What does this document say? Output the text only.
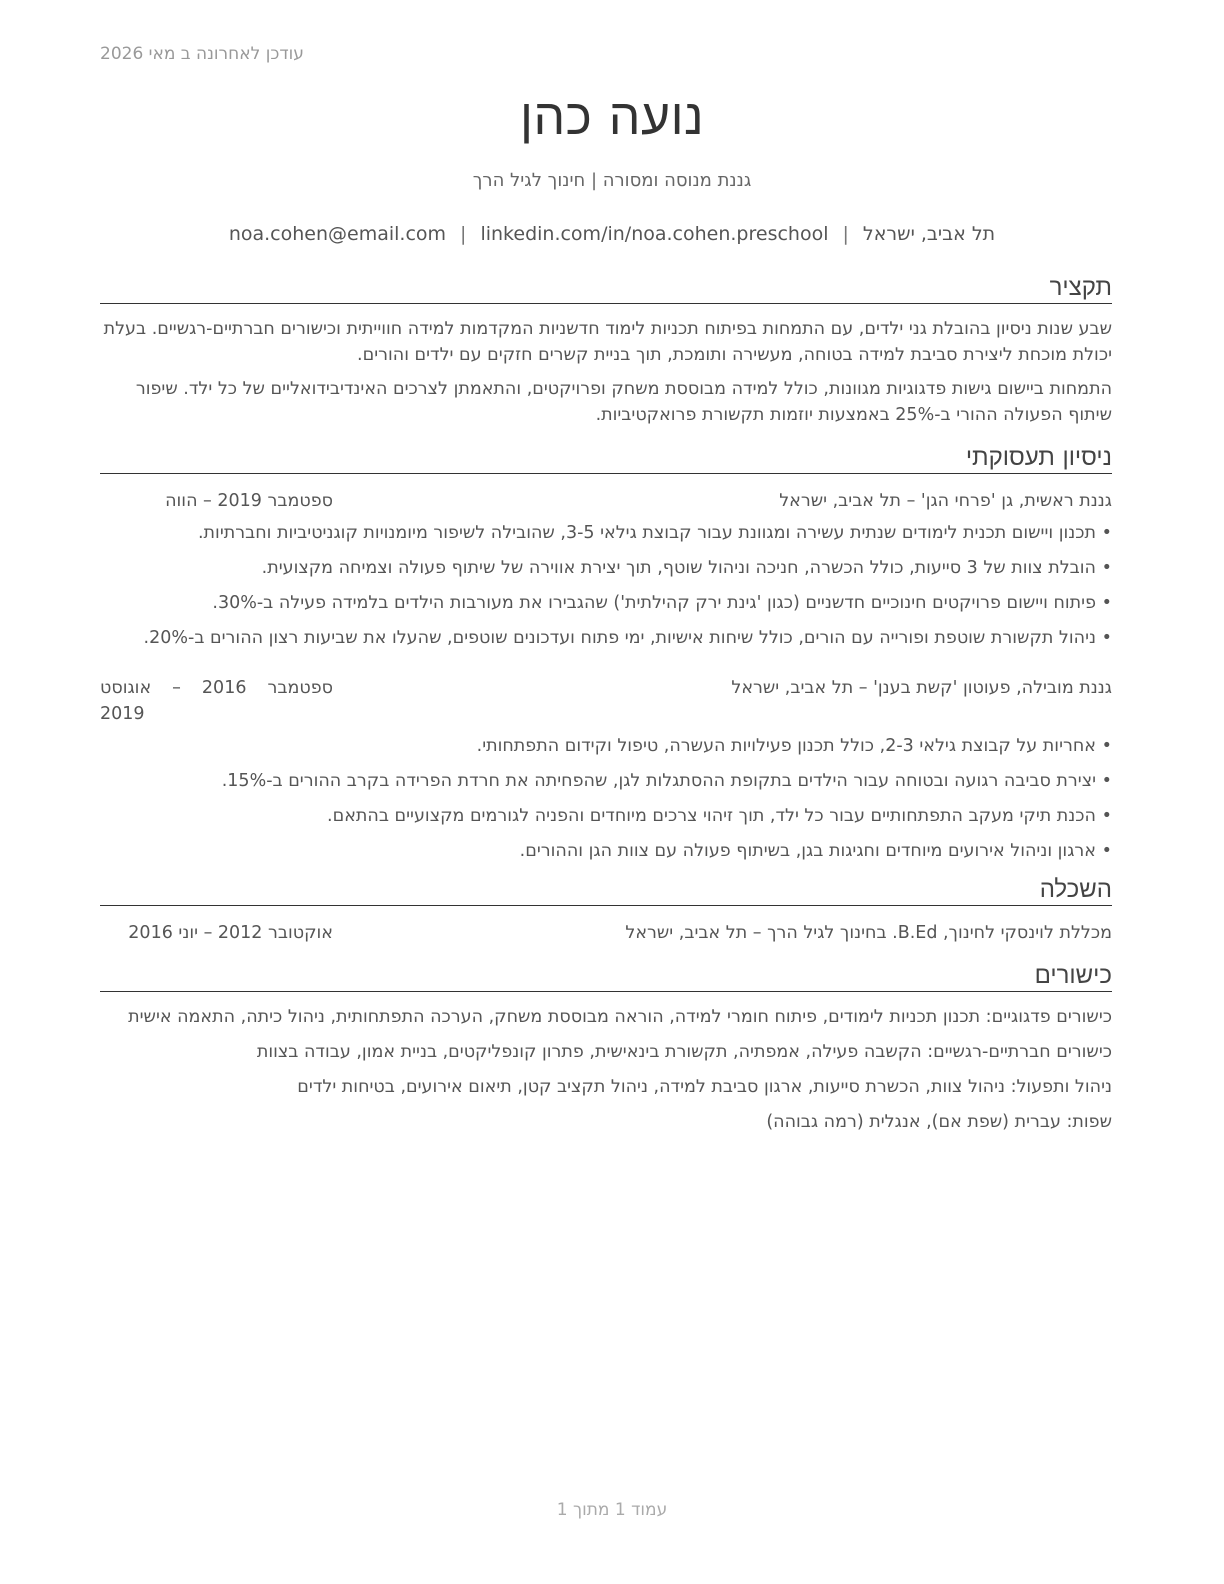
עודכן לאחרונה ב מאי 2026
נועה כהן
גננת מנוסה ומסורה | חינוך לגיל הרך
תל אביב, ישראל|noa.cohen@email.com | linkedin.com/in/noa.cohen.preschool
תקציר

שבע שנות ניסיון בהובלת גני ילדים, עם התמחות בפיתוח תכניות לימוד חדשניות המקדמות למידה חווייתית וכישורים חברתיים-רגשיים. בעלת יכולת מוכחת ליצירת סביבת למידה בטוחה, מעשירה ותומכת, תוך בניית קשרים חזקים עם ילדים והורים.

התמחות ביישום גישות פדגוגיות מגוונות, כולל למידה מבוססת משחק ופרויקטים, והתאמתן לצרכים האינדיבידואליים של כל ילד. שיפור שיתוף הפעולה ההורי ב-25% באמצעות יוזמות תקשורת פרואקטיביות.

ניסיון תעסוקתי
גננת ראשית, גן 'פרחי הגן' – תל אביב, ישראל
ספטמבר 2019 – הווה
• תכנון ויישום תכנית לימודים שנתית עשירה ומגוונת עבור קבוצת גילאי 3-5, שהובילה לשיפור מיומנויות קוגניטיביות וחברתיות.
• הובלת צוות של 3 סייעות, כולל הכשרה, חניכה וניהול שוטף, תוך יצירת אווירה של שיתוף פעולה וצמיחה מקצועית.
• פיתוח ויישום פרויקטים חינוכיים חדשניים (כגון 'גינת ירק קהילתית') שהגבירו את מעורבות הילדים בלמידה פעילה ב-30%.
• ניהול תקשורת שוטפת ופורייה עם הורים, כולל שיחות אישיות, ימי פתוח ועדכונים שוטפים, שהעלו את שביעות רצון ההורים ב-20%.
גננת מובילה, פעוטון 'קשת בענן' – תל אביב, ישראל
ספטמבר 2016 – אוגוסט 2019
• אחריות על קבוצת גילאי 2-3, כולל תכנון פעילויות העשרה, טיפול וקידום התפתחותי.
• יצירת סביבה רגועה ובטוחה עבור הילדים בתקופת ההסתגלות לגן, שהפחיתה את חרדת הפרידה בקרב ההורים ב-15%.
• הכנת תיקי מעקב התפתחותיים עבור כל ילד, תוך זיהוי צרכים מיוחדים והפניה לגורמים מקצועיים בהתאם.
• ארגון וניהול אירועים מיוחדים וחגיגות בגן, בשיתוף פעולה עם צוות הגן וההורים.
השכלה
מכללת לוינסקי לחינוך, B.Ed. בחינוך לגיל הרך – תל אביב, ישראל
אוקטובר 2012 – יוני 2016
כישורים

כישורים פדגוגיים: תכנון תכניות לימודים, פיתוח חומרי למידה, הוראה מבוססת משחק, הערכה התפתחותית, ניהול כיתה, התאמה אישית

כישורים חברתיים-רגשיים: הקשבה פעילה, אמפתיה, תקשורת בינאישית, פתרון קונפליקטים, בניית אמון, עבודה בצוות

ניהול ותפעול: ניהול צוות, הכשרת סייעות, ארגון סביבת למידה, ניהול תקציב קטן, תיאום אירועים, בטיחות ילדים

שפות: עברית (שפת אם), אנגלית (רמה גבוהה)

עמוד 1 מתוך 1
